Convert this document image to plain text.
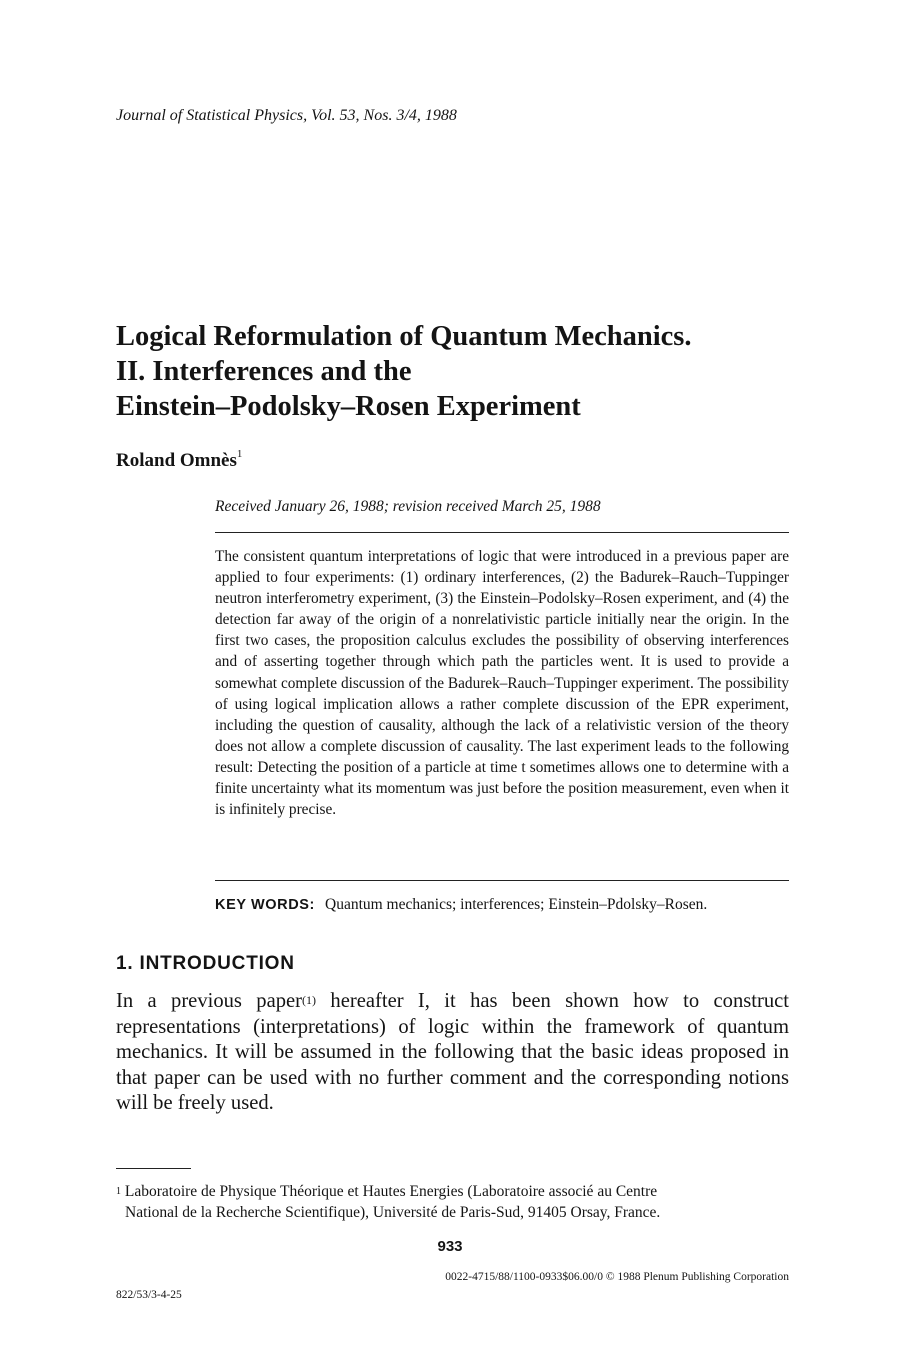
Journal of Statistical Physics, Vol. 53, Nos. 3/4, 1988
Logical Reformulation of Quantum Mechanics.
II. Interferences and the
Einstein–Podolsky–Rosen Experiment
Roland Omnès$^1$
Received January 26, 1988; revision received March 25, 1988

The consistent quantum interpretations of logic that were introduced in a previous paper are applied to four experiments: (1) ordinary interferences, (2) the Badurek–Rauch–Tuppinger neutron interferometry experiment, (3) the Einstein–Podolsky–Rosen experiment, and (4) the detection far away of the origin of a nonrelativistic particle initially near the origin. In the first two cases, the proposition calculus excludes the possibility of observing interferences and of asserting together through which path the particles went. It is used to provide a somewhat complete discussion of the Badurek–Rauch–Tuppinger experiment. The possibility of using logical implication allows a rather complete discussion of the EPR experiment, including the question of causality, although the lack of a relativistic version of the theory does not allow a complete discussion of causality. The last experiment leads to the following result: Detecting the position of a particle at time t sometimes allows one to determine with a finite uncertainty what its momentum was just before the position measurement, even when it is infinitely precise.

KEY WORDS: Quantum mechanics; interferences; Einstein–Pdolsky–Rosen.
1. INTRODUCTION

In a previous paper$^{(1)}$ hereafter I, it has been shown how to construct representations (interpretations) of logic within the framework of quantum mechanics. It will be assumed in the following that the basic ideas proposed in that paper can be used with no further comment and the corresponding notions will be freely used.

$^1$ Laboratoire de Physique Théorique et Hautes Energies (Laboratoire associé au Centre
National de la Recherche Scientifique), Université de Paris-Sud, 91405 Orsay, France.

933
0022-4715/88/1100-0933$06.00/0 © 1988 Plenum Publishing Corporation
822/53/3-4-25
